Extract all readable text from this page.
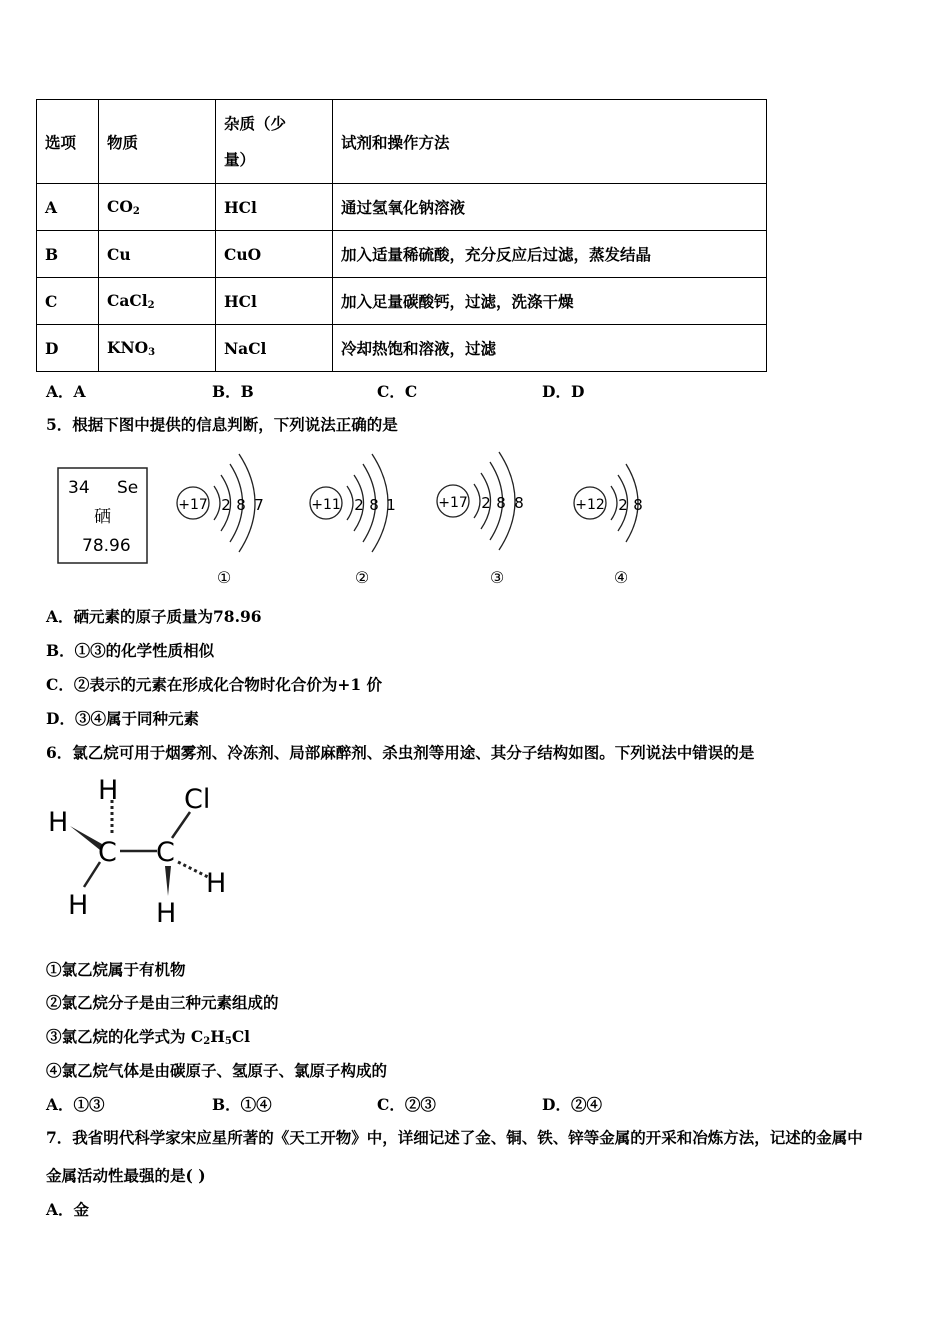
选项	物质	杂质（少量）	试剂和操作方法
A	$CO_2$	HCl	通过氢氧化钠溶液
B	Cu	CuO	加入适量稀硫酸，充分反应后过滤，蒸发结晶
C	CaCl$_2$	HCl	加入足量碳酸钙，过滤，洗涤干燥
D	$KNO_3$	NaCl	冷却热饱和溶液，过滤
A．A	B．B	C．C	D．D
5．根据下图中提供的信息判断，下列说法正确的是
34 Se
硒
78.96
+17 2 8 7
①
+11 2 8 1
②
+17 2 8 8
③
+12 2 8
④
A．硒元素的原子质量为78.96
B．①③的化学性质相似
C．②表示的元素在形成化合物时化合价为+1 价
D．③④属于同种元素
6．氯乙烷可用于烟雾剂、冷冻剂、局部麻醉剂、杀虫剂等用途、其分子结构如图。下列说法中错误的是
C C
H
H
H	H
H
Cl
①氯乙烷属于有机物
②氯乙烷分子是由三种元素组成的
③氯乙烷的化学式为 $C_2H_5Cl$
④氯乙烷气体是由碳原子、氢原子、氯原子构成的
A．①③	B．①④	C．②③	D．②④
7．我省明代科学家宋应星所著的《天工开物》中，详细记述了金、铜、铁、锌等金属的开采和冶炼方法，记述的金属中
金属活动性最强的是( )
A．金
